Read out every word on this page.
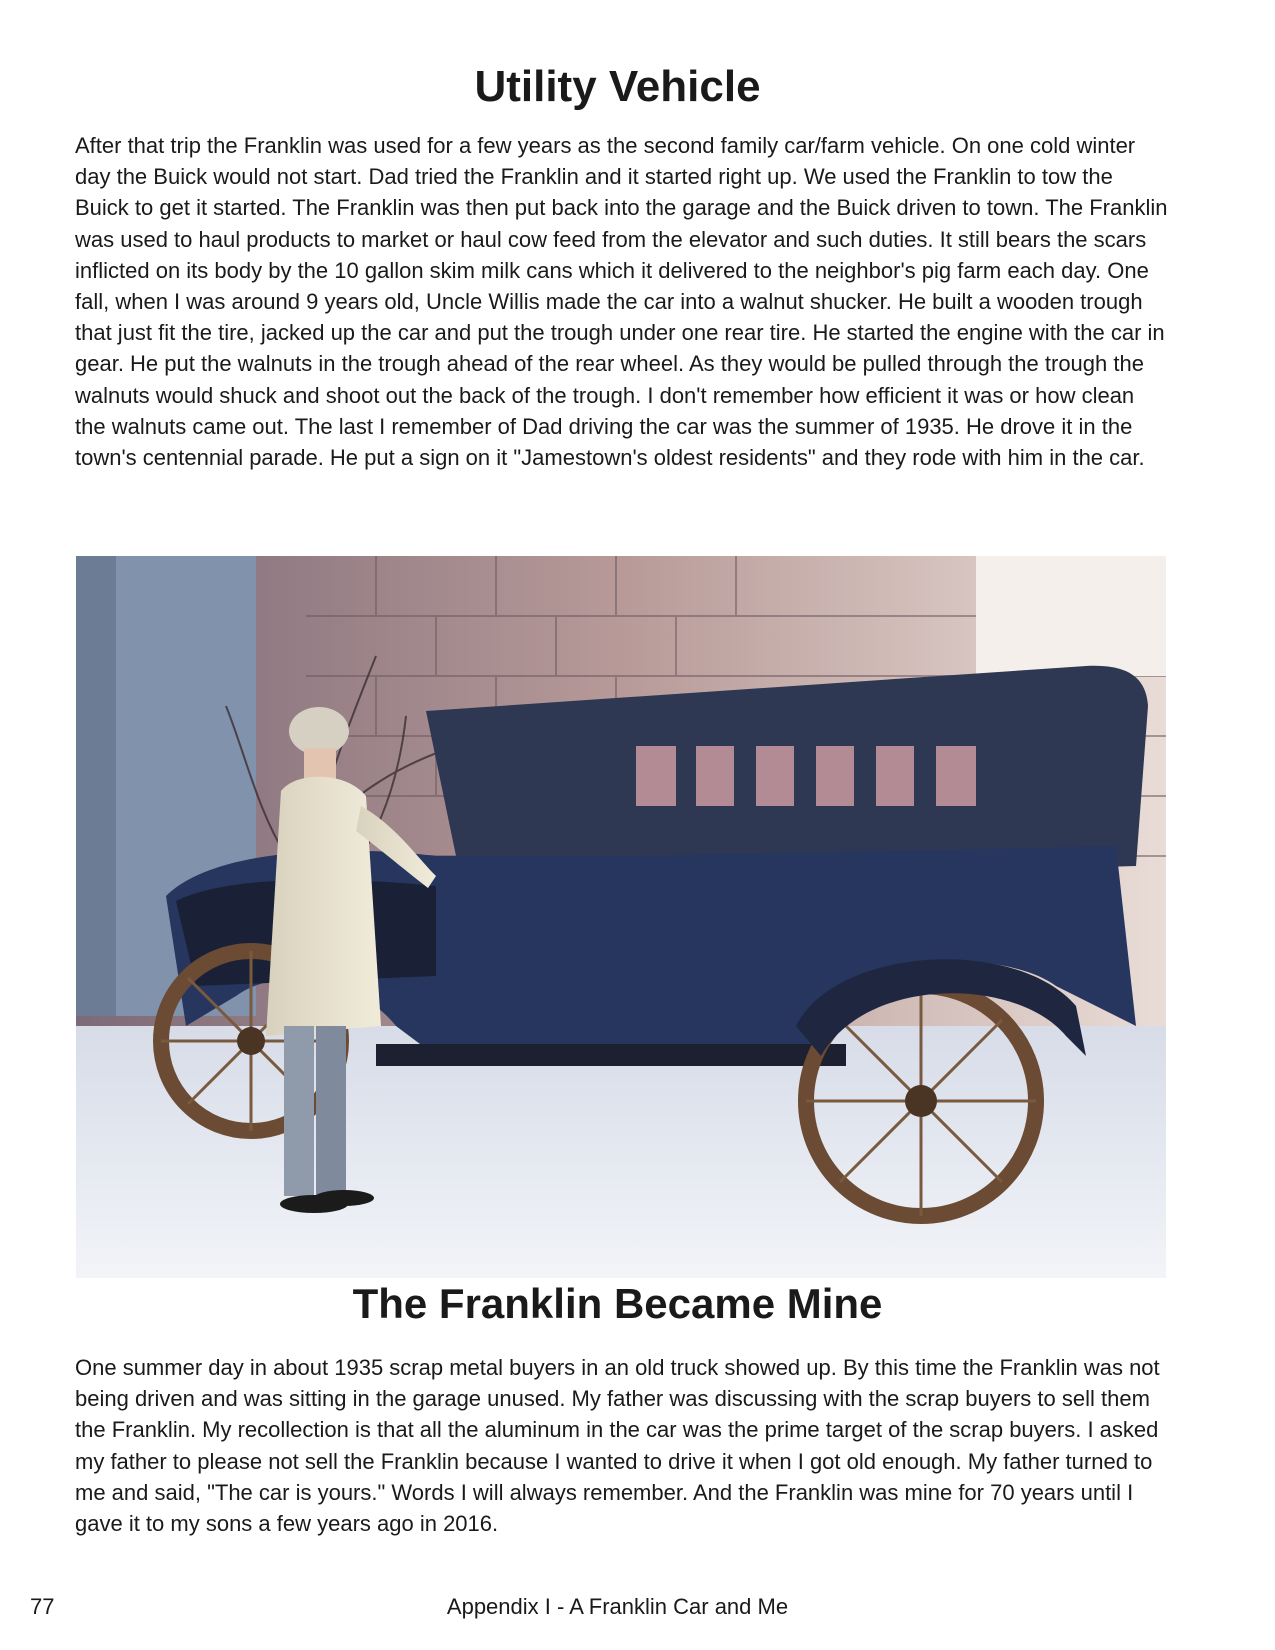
Utility Vehicle

After that trip the Franklin was used for a few years as the second family car/farm vehicle. On one cold winter day the Buick would not start. Dad tried the Franklin and it started right up. We used the Franklin to tow the Buick to get it started. The Franklin was then put back into the garage and the Buick driven to town. The Franklin was used to haul products to market or haul cow feed from the elevator and such duties. It still bears the scars inflicted on its body by the 10 gallon skim milk cans which it delivered to the neighbor's pig farm each day. One fall, when I was around 9 years old, Uncle Willis made the car into a walnut shucker. He built a wooden trough that just fit the tire, jacked up the car and put the trough under one rear tire. He started the engine with the car in gear. He put the walnuts in the trough ahead of the rear wheel. As they would be pulled through the trough the walnuts would shuck and shoot out the back of the trough. I don't remember how efficient it was or how clean the walnuts came out. The last I remember of Dad driving the car was the summer of 1935. He drove it in the town's centennial parade. He put a sign on it "Jamestown's oldest residents" and they rode with him in the car.

The Franklin Became Mine

One summer day in about 1935 scrap metal buyers in an old truck showed up. By this time the Franklin was not being driven and was sitting in the garage unused. My father was discussing with the scrap buyers to sell them the Franklin. My recollection is that all the aluminum in the car was the prime target of the scrap buyers. I asked my father to please not sell the Franklin because I wanted to drive it when I got old enough. My father turned to me and said, "The car is yours." Words I will always remember. And the Franklin was mine for 70 years until I gave it to my sons a few years ago in 2016.

77	Appendix I - A Franklin Car and Me
